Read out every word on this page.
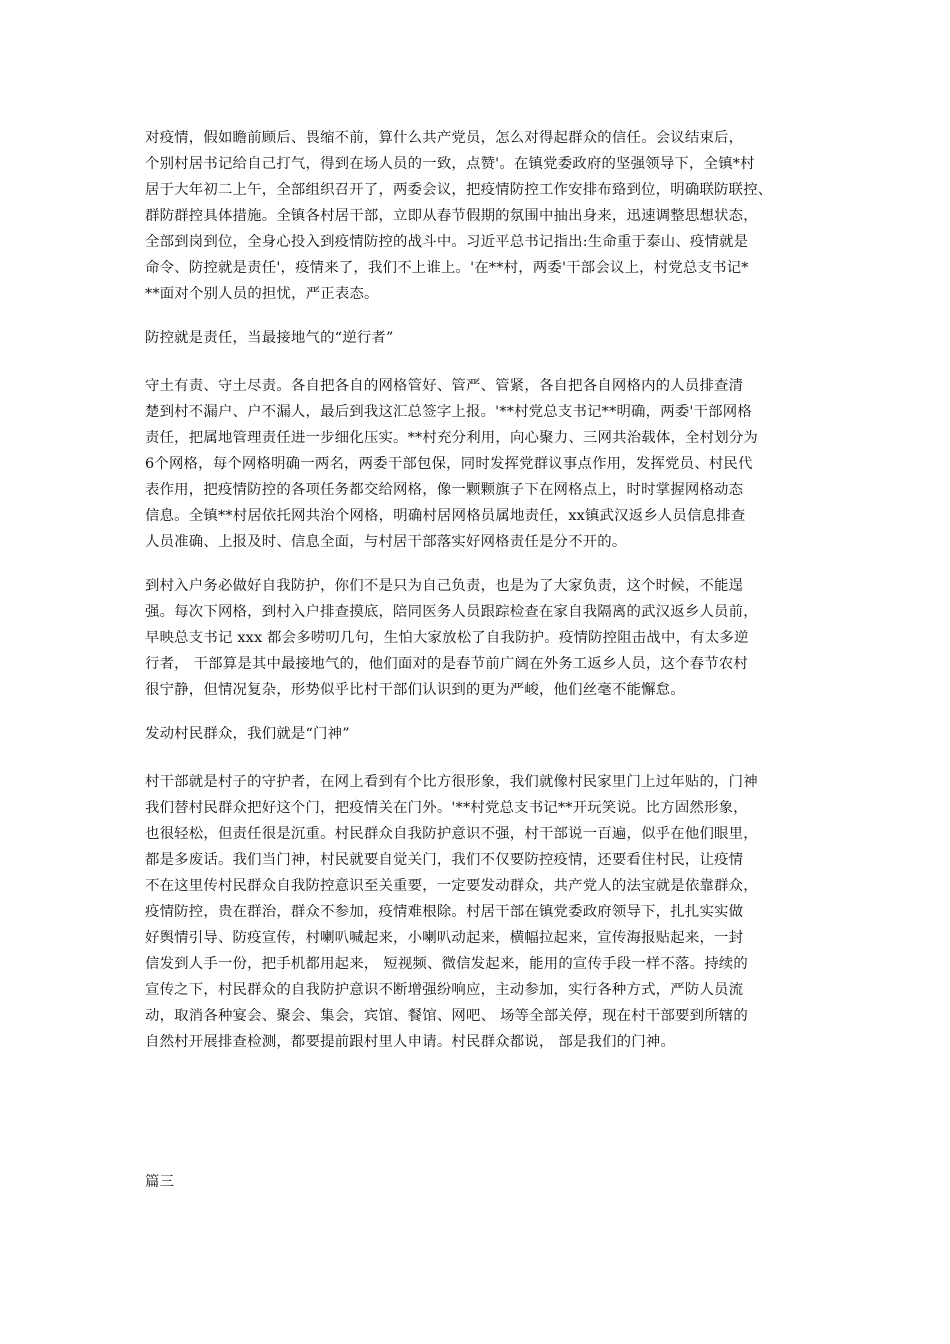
对疫情，假如瞻前顾后、畏缩不前，算什么共产党员，怎么对得起群众的信任。会议结束后，
个别村居书记给自己打气，得到在场人员的一致，点赞'。在镇党委政府的坚强领导下，全镇*村
居于大年初二上午，全部组织召开了，两委会议，把疫情防控工作安排布臵到位，明确联防联控、
群防群控具体措施。全镇各村居干部，立即从春节假期的氛围中抽出身来，迅速调整思想状态，
全部到岗到位，全身心投入到疫情防控的战斗中。习近平总书记指出:生命重于泰山、疫情就是
命令、防控就是责任'，疫情来了，我们不上谁上。'在**村，两委'干部会议上，村党总支书记*
**面对个别人员的担忧，严正表态。
防控就是责任，当最接地气的“逆行者”
守土有责、守土尽责。各自把各自的网格管好、管严、管紧，各自把各自网格内的人员排查清
楚到村不漏户、户不漏人，最后到我这汇总签字上报。'**村党总支书记**明确，两委'干部网格
责任，把属地管理责任进一步细化压实。**村充分利用，向心聚力、三网共治载体，全村划分为
6个网格，每个网格明确一两名，两委干部包保，同时发挥党群议事点作用，发挥党员、村民代
表作用，把疫情防控的各项任务都交给网格，像一颗颗旗子下在网格点上，时时掌握网格动态
信息。全镇**村居依托网共治个网格，明确村居网格员属地责任，xx镇武汉返乡人员信息排查
人员准确、上报及时、信息全面，与村居干部落实好网格责任是分不开的。
到村入户务必做好自我防护，你们不是只为自己负责，也是为了大家负责，这个时候，不能逞
强。每次下网格，到村入户排查摸底，陪同医务人员跟踪检查在家自我隔离的武汉返乡人员前，
早映总支书记 xxx 都会多唠叨几句，生怕大家放松了自我防护。疫情防控阻击战中，有太多逆
行者， 干部算是其中最接地气的，他们面对的是春节前广阔在外务工返乡人员，这个春节农村
很宁静，但情况复杂，形势似乎比村干部们认识到的更为严峻，他们丝毫不能懈怠。
发动村民群众，我们就是“门神”
村干部就是村子的守护者，在网上看到有个比方很形象，我们就像村民家里门上过年贴的，门神
我们替村民群众把好这个门，把疫情关在门外。'**村党总支书记**开玩笑说。比方固然形象，
也很轻松，但责任很是沉重。村民群众自我防护意识不强，村干部说一百遍，似乎在他们眼里，
都是多废话。我们当门神，村民就要自觉关门，我们不仅要防控疫情，还要看住村民，让疫情
不在这里传村民群众自我防控意识至关重要，一定要发动群众，共产党人的法宝就是依靠群众，
疫情防控，贵在群治，群众不参加，疫情难根除。村居干部在镇党委政府领导下，扎扎实实做
好舆情引导、防疫宣传，村喇叭喊起来，小喇叭动起来，横幅拉起来，宣传海报贴起来，一封
信发到人手一份，把手机都用起来， 短视频、微信发起来，能用的宣传手段一样不落。持续的
宣传之下，村民群众的自我防护意识不断增强纷响应，主动参加，实行各种方式，严防人员流
动，取消各种宴会、聚会、集会，宾馆、餐馆、网吧、 场等全部关停，现在村干部要到所辖的
自然村开展排查检测，都要提前跟村里人申请。村民群众都说， 部是我们的门神。
篇三
